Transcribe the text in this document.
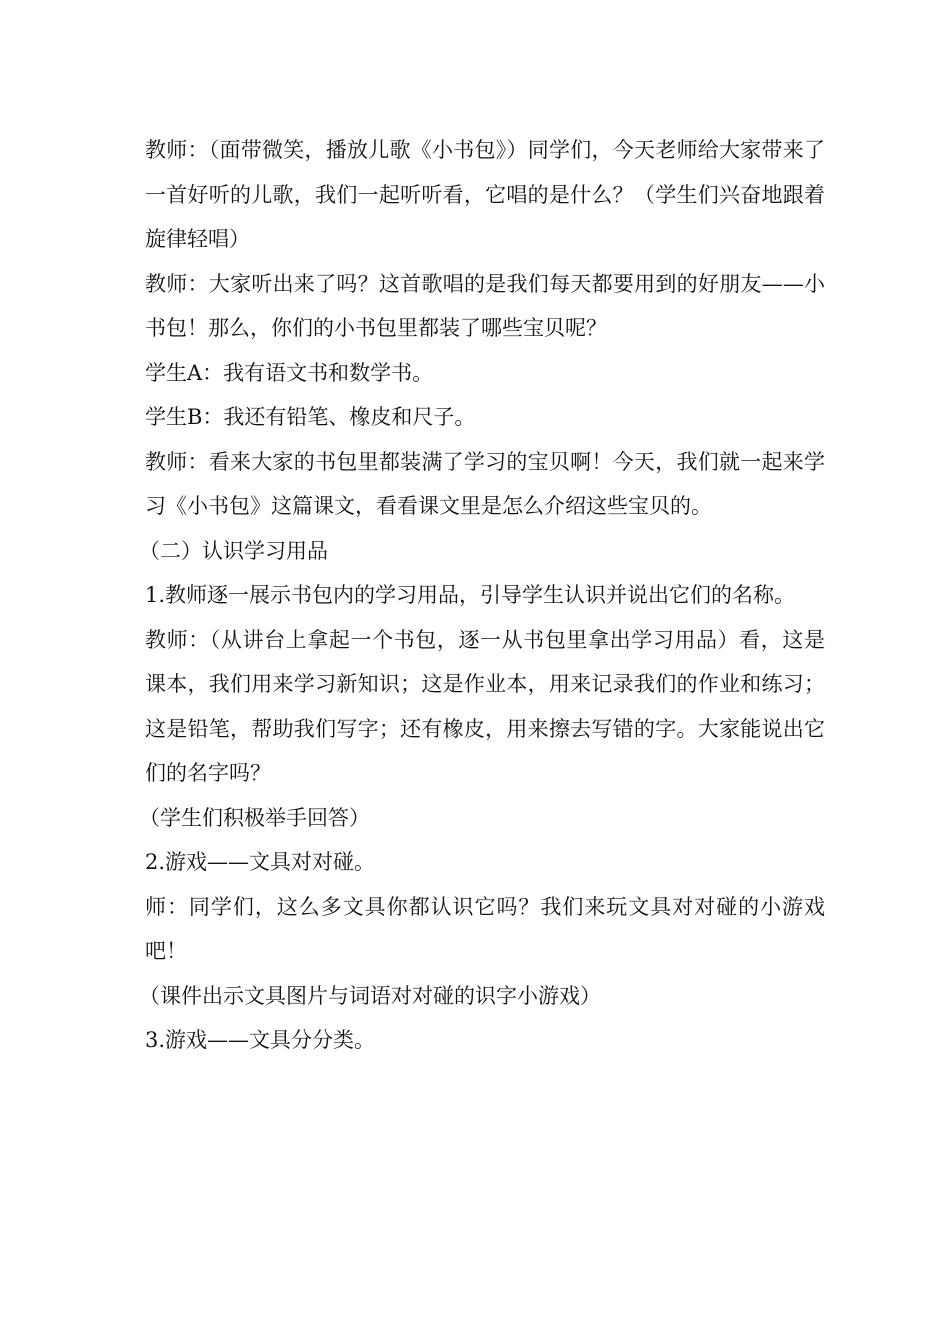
教师：（面带微笑，播放儿歌《小书包》）同学们，今天老师给大家带来了一首好听的儿歌，我们一起听听看，它唱的是什么？（学生们兴奋地跟着旋律轻唱）

教师：大家听出来了吗？这首歌唱的是我们每天都要用到的好朋友——小书包！那么，你们的小书包里都装了哪些宝贝呢？

学生A：我有语文书和数学书。

学生B：我还有铅笔、橡皮和尺子。

教师：看来大家的书包里都装满了学习的宝贝啊！今天，我们就一起来学习《小书包》这篇课文，看看课文里是怎么介绍这些宝贝的。

（二）认识学习用品

1.教师逐一展示书包内的学习用品，引导学生认识并说出它们的名称。

教师：（从讲台上拿起一个书包，逐一从书包里拿出学习用品）看，这是课本，我们用来学习新知识；这是作业本，用来记录我们的作业和练习；这是铅笔，帮助我们写字；还有橡皮，用来擦去写错的字。大家能说出它们的名字吗？

（学生们积极举手回答）

2.游戏——文具对对碰。

师：同学们，这么多文具你都认识它吗？我们来玩文具对对碰的小游戏吧！

（课件出示文具图片与词语对对碰的识字小游戏）

3.游戏——文具分分类。
